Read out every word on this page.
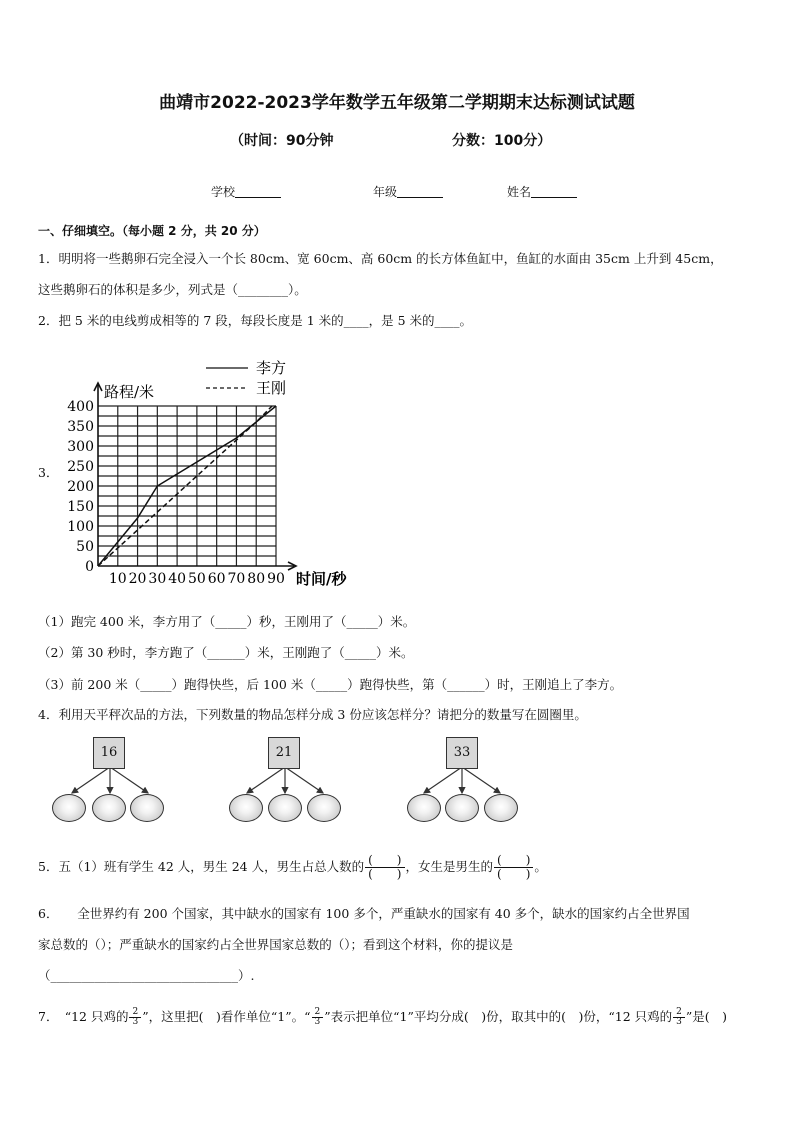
曲靖市2022-2023学年数学五年级第二学期期末达标测试试题
（时间：90分钟	分数：100分）
学校	年级	姓名
一、仔细填空。（每小题 2 分，共 20 分）
1．明明将一些鹅卵石完全浸入一个长 80cm、宽 60cm、高 60cm 的长方体鱼缸中，鱼缸的水面由 35cm 上升到 45cm，
这些鹅卵石的体积是多少，列式是（________）。
2．把 5 米的电线剪成相等的 7 段，每段长度是 1 米的____，是 5 米的____。
3．
10 20 30 40 50 60 70 80 90
0
50
100
150
200
250
300
350
400
李方
王刚
路程/米
时间/秒
（1）跑完 400 米，李方用了（_____）秒，王刚用了（_____）米。
（2）第 30 秒时，李方跑了（______）米，王刚跑了（_____）米。
（3）前 200 米（_____）跑得快些，后 100 米（_____）跑得快些，第（______）时，王刚追上了李方。
4．利用天平秤次品的方法，下列数量的物品怎样分成 3 份应该怎样分？请把分的数量写在圆圈里。
16	21	33
5．五（1）班有学生 42 人，男生 24 人，男生占总人数的 $\frac{( )}{( )}$ ，女生是男生的 $\frac{( )}{( )}$ 。
6．　　全世界约有 200 个国家，其中缺水的国家有 100 多个，严重缺水的国家有 40 多个，缺水的国家约占全世界国
家总数的（）；严重缺水的国家约占全世界国家总数的（）；看到这个材料，你的提议是
（______________________________）.
7．　“12 只鸡的 $\frac{2}{3}$ ”，这里把(　)看作单位“1”。“ $\frac{2}{3}$ ”表示把单位“1”平均分成(　)份，取其中的(　)份，“12 只鸡的 $\frac{2}{3}$ ”是(　)
